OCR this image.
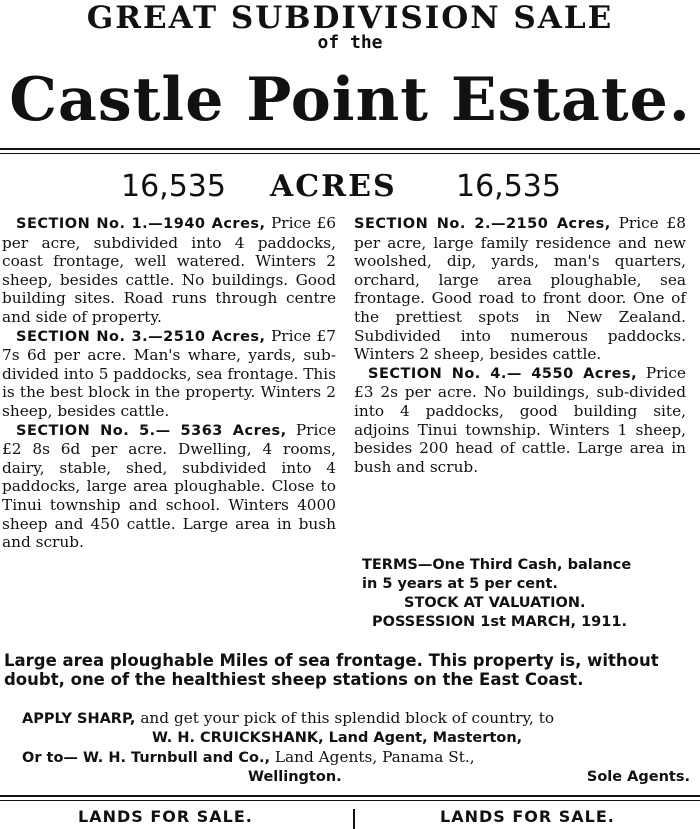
GREAT SUBDIVISION SALE
of the
Castle Point Estate.
16,535 ACRES 16,535

SECTION No. 1.—1940 Acres, Price £6 per acre, subdivided into 4 paddocks, coast frontage, well watered. Winters 2 sheep, besides cattle. No buildings. Good building sites. Road runs through centre and side of property.

SECTION No. 3.—2510 Acres, Price £7 7s 6d per acre. Man's whare, yards, sub-divided into 5 paddocks, sea frontage. This is the best block in the property. Winters 2 sheep, besides cattle.

SECTION No. 5.— 5363 Acres, Price £2 8s 6d per acre. Dwelling, 4 rooms, dairy, stable, shed, subdivided into 4 paddocks, large area ploughable. Close to Tinui township and school. Winters 4000 sheep and 450 cattle. Large area in bush and scrub.

SECTION No. 2.—2150 Acres, Price £8 per acre, large family residence and new woolshed, dip, yards, man's quarters, orchard, large area ploughable, sea frontage. Good road to front door. One of the prettiest spots in New Zealand. Subdivided into numerous paddocks. Winters 2 sheep, besides cattle.

SECTION No. 4.— 4550 Acres, Price £3 2s per acre. No buildings, sub-divided into 4 paddocks, good building site, adjoins Tinui township. Winters 1 sheep, besides 200 head of cattle. Large area in bush and scrub.

TERMS—One Third Cash, balance
in 5 years at 5 per cent.
STOCK AT VALUATION.
POSSESSION 1st MARCH, 1911.
Large area ploughable Miles of sea frontage. This property is, without doubt, one of the healthiest sheep stations on the East Coast.
APPLY SHARP, and get your pick of this splendid block of country, to
W. H. CRUICKSHANK, Land Agent, Masterton,
Or to— W. H. Turnbull and Co., Land Agents, Panama St.,
Wellington.	Sole Agents.
LANDS FOR SALE.	LANDS FOR SALE.
